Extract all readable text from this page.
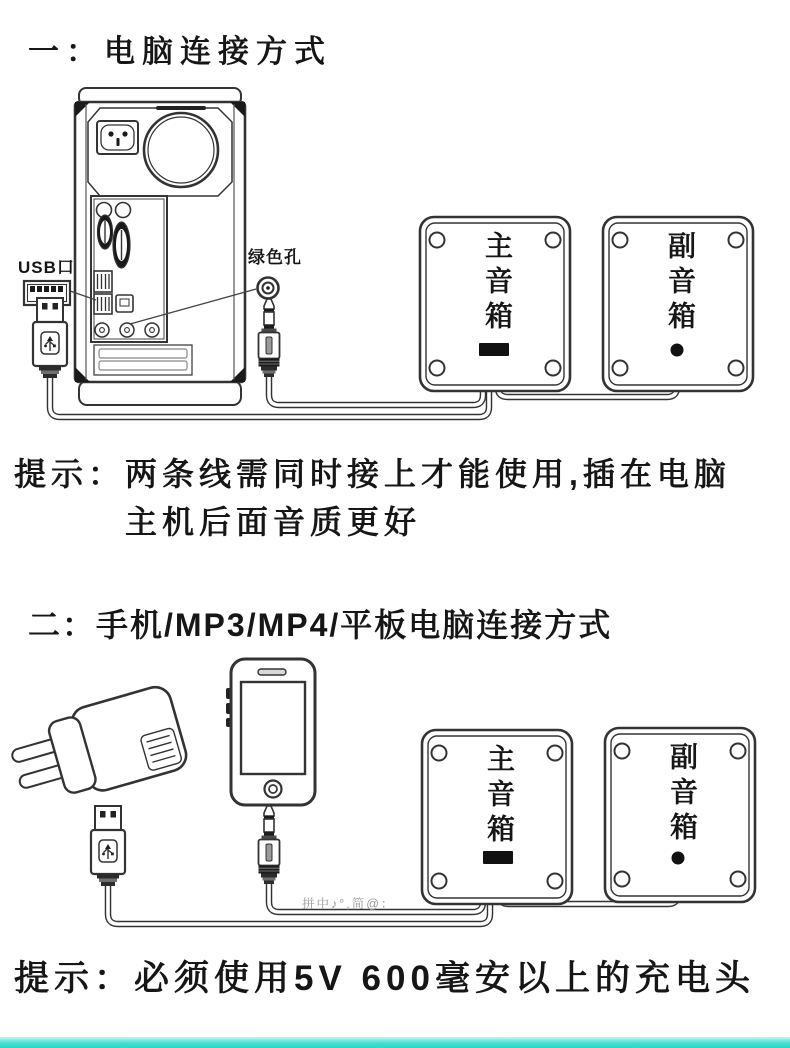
一：电脑连接方式
USB口
绿色孔	主音箱	副音箱
提示： 两条线需同时接上才能使用,插在电脑
主机后面音质更好
二：手机/MP3/MP4/平板电脑连接方式
主音箱	副音箱
拼中♪°,简@：
提示： 必须使用5V 600毫安以上的充电头
